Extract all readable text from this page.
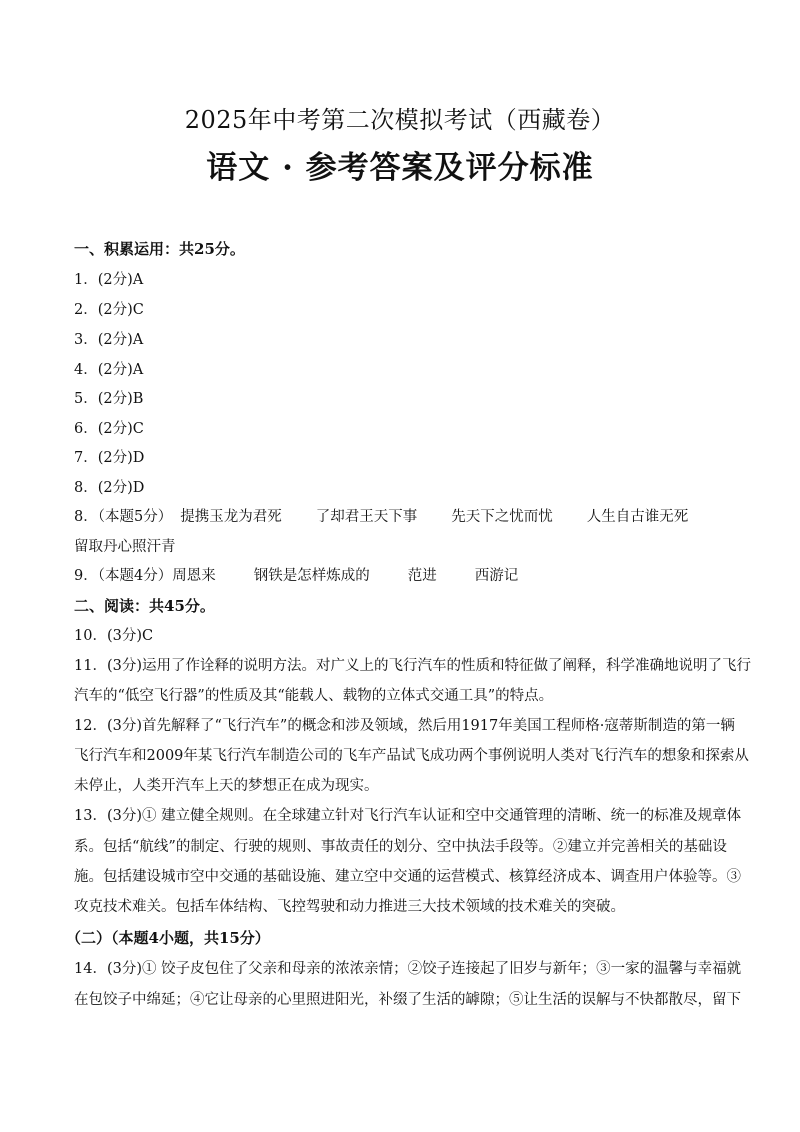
2025年中考第二次模拟考试（西藏卷）
语文 · 参考答案及评分标准
一、积累运用：共25分。
1．(2分)A
2．(2分)C
3．(2分)A
4．(2分)A
5．(2分)B
6．(2分)C
7．(2分)D
8．(2分)D
8．（本题5分） 提携玉龙为君死 了却君王天下事 先天下之忧而忧 人生自古谁无死
留取丹心照汗青
9．（本题4分）周恩来	钢铁是怎样炼成的	范进	西游记
二、阅读：共45分。
10．(3分)C
11．(3分)运用了作诠释的说明方法。对广义上的飞行汽车的性质和特征做了阐释，科学准确地说明了飞行
汽车的“低空飞行器”的性质及其“能载人、载物的立体式交通工具”的特点。
12．(3分)首先解释了“飞行汽车”的概念和涉及领域，然后用1917年美国工程师格·寇蒂斯制造的第一辆
飞行汽车和2009年某飞行汽车制造公司的飞车产品试飞成功两个事例说明人类对飞行汽车的想象和探索从
未停止，人类开汽车上天的梦想正在成为现实。
13．(3分)① 建立健全规则。在全球建立针对飞行汽车认证和空中交通管理的清晰、统一的标准及规章体
系。包括“航线”的制定、行驶的规则、事故责任的划分、空中执法手段等。②建立并完善相关的基础设
施。包括建设城市空中交通的基础设施、建立空中交通的运营模式、核算经济成本、调查用户体验等。③
攻克技术难关。包括车体结构、飞控驾驶和动力推进三大技术领域的技术难关的突破。
（二）（本题4小题，共15分）
14．(3分)① 饺子皮包住了父亲和母亲的浓浓亲情；②饺子连接起了旧岁与新年；③一家的温馨与幸福就
在包饺子中绵延；④它让母亲的心里照进阳光，补缀了生活的罅隙；⑤让生活的误解与不快都散尽，留下
